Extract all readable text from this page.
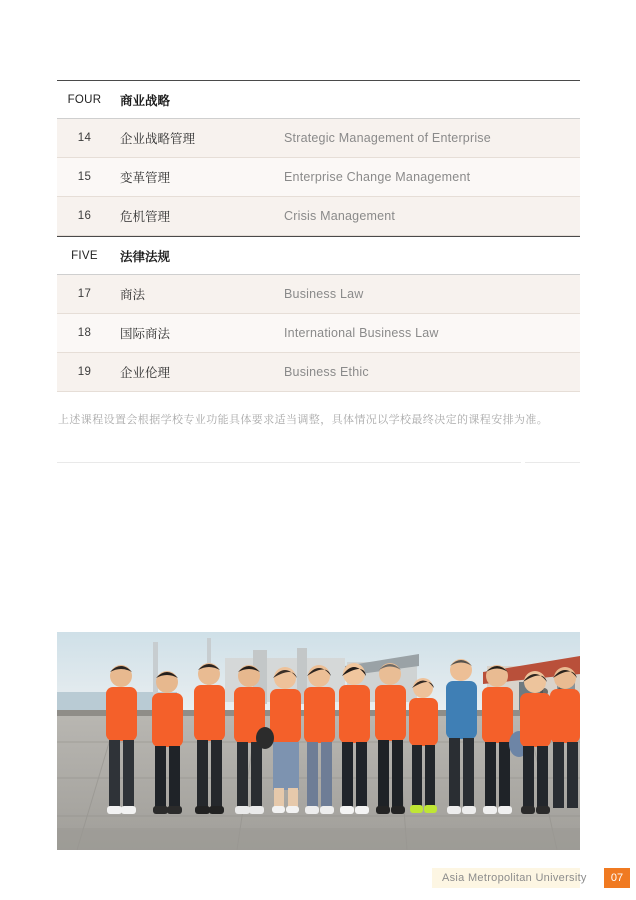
FOUR	商业战略
14	企业战略管理	Strategic Management of Enterprise
15	变革管理	Enterprise Change Management
16	危机管理	Crisis Management
FIVE	法律法规
17	商法	Business Law
18	国际商法	International Business Law
19	企业伦理	Business Ethic
上述课程设置会根据学校专业功能具体要求适当调整，具体情况以学校最终决定的课程安排为准。
Asia Metropolitan University	07
